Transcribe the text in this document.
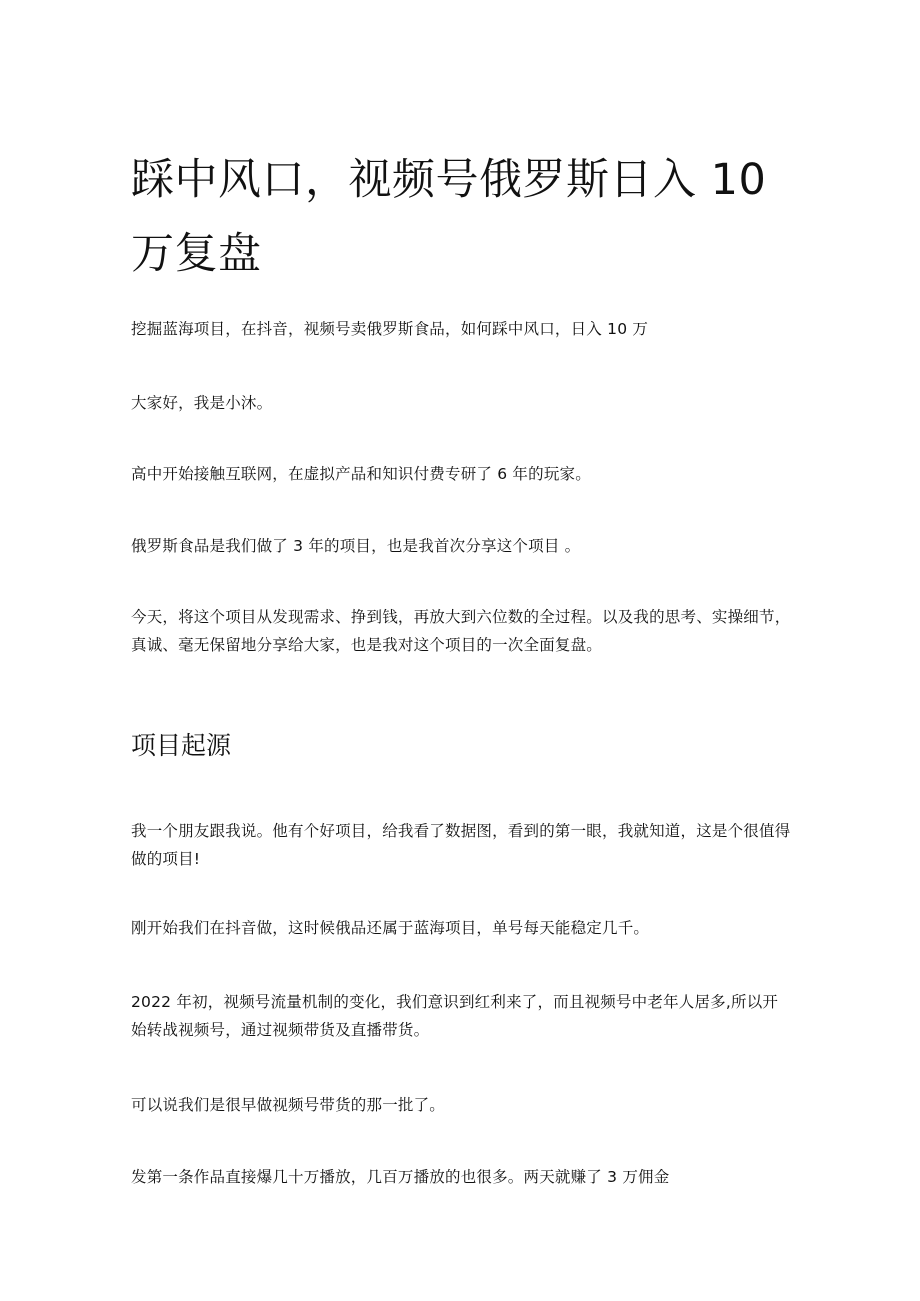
踩中风口，视频号俄罗斯日入 10 万复盘

挖掘蓝海项目，在抖音，视频号卖俄罗斯食品，如何踩中风口，日入 10 万

大家好，我是小沐。

高中开始接触互联网，在虚拟产品和知识付费专研了 6 年的玩家。

俄罗斯食品是我们做了 3 年的项目，也是我首次分享这个项目 。

今天，将这个项目从发现需求、挣到钱，再放大到六位数的全过程。以及我的思考、实操细节，真诚、毫无保留地分享给大家，也是我对这个项目的一次全面复盘。

项目起源

我一个朋友跟我说。他有个好项目，给我看了数据图，看到的第一眼，我就知道，这是个很值得做的项目!

刚开始我们在抖音做，这时候俄品还属于蓝海项目，单号每天能稳定几千。

2022 年初，视频号流量机制的变化，我们意识到红利来了，而且视频号中老年人居多,所以开始转战视频号，通过视频带货及直播带货。

可以说我们是很早做视频号带货的那一批了。

发第一条作品直接爆几十万播放，几百万播放的也很多。两天就赚了 3 万佣金
